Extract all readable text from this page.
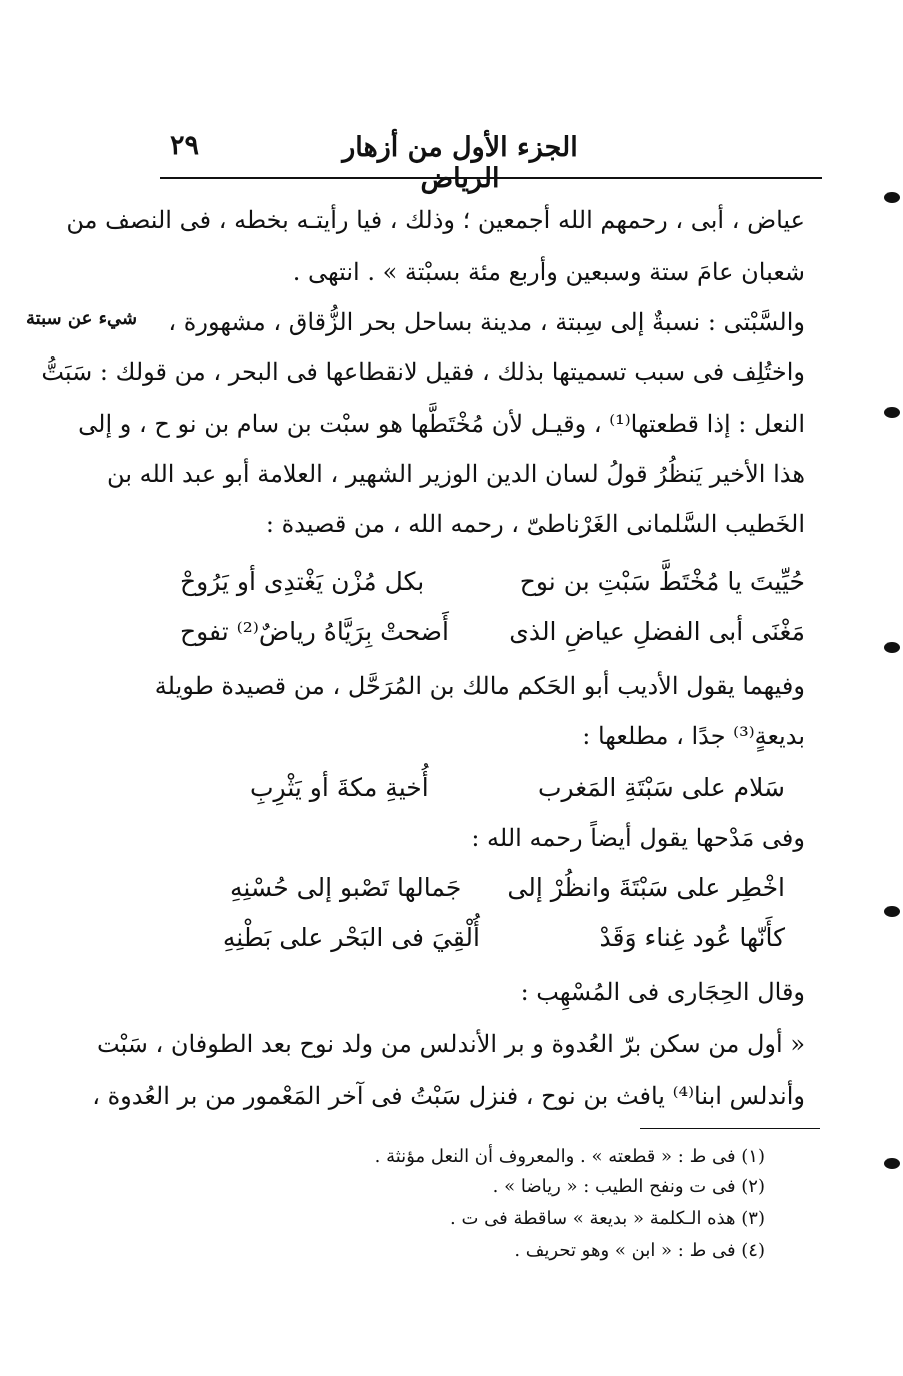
الجزء الأول من أزهار الرياض
٢٩
شيء عن سبتة
عياض ، أبى ، رحمهم الله أجمعين ؛ وذلك ، فيا رأيتـه بخطه ، فى النصف من
شعبان عامَ ستة وسبعين وأربع مئة بسبْتة » . انتهى .
والسَّبْتى : نسبةٌ إلى سِبتة ، مدينة بساحل بحر الزُّقاق ، مشهورة ،
واختُلِف فى سبب تسميتها بذلك ، فقيل لانقطاعها فى البحر ، من قولك : سَبَتُّ
النعل : إذا قطعتها⁽¹⁾ ، وقيـل لأن مُخْتَطَّها هو سبْت بن سام بن نو ح ، و إلى
هذا الأخير يَنظُرُ قولُ لسان الدين الوزير الشهير ، العلامة أبو عبد الله بن
الخَطيب السَّلمانى الغَرْناطىّ ، رحمه الله ، من قصيدة :
حُيِّيتَ يا مُخْتَطَّ سَبْتِ بن نوح
بكل مُزْن يَغْتدِى أو يَرُوحْ
مَغْنَى أبى الفضلِ عياضِ الذى
أَضحتْ بِرَيَّاهُ رياضٌ⁽²⁾ تفوح
وفيهما يقول الأديب أبو الحَكم مالك بن المُرَحَّل ، من قصيدة طويلة
بديعةٍ⁽³⁾ جدًا ، مطلعها :
سَلام على سَبْتَةِ المَغرب
أُخيةِ مكةَ أو يَثْرِبِ
وفى مَدْحها يقول أيضاً رحمه الله :
اخْطِر على سَبْتَةَ وانظُرْ إلى
جَمالها تَصْبو إلى حُسْنِهِ
كأَنّها عُود غِناء وَقَدْ
أُلْقِيَ فى البَحْر على بَطْنِهِ
وقال الحِجَارى فى المُسْهِب :
« أول من سكن برّ العُدوة و بر الأندلس من ولد نوح بعد الطوفان ، سَبْت
وأندلس ابنا⁽⁴⁾ يافث بن نوح ، فنزل سَبْتُ فى آخر المَعْمور من بر العُدوة ،
(١) فى ط : « قطعته » . والمعروف أن النعل مؤنثة .
(٢) فى ت ونفح الطيب : « رياضا » .
(٣) هذه الـكلمة « بديعة » ساقطة فى ت .
(٤) فى ط : « ابن » وهو تحريف .
